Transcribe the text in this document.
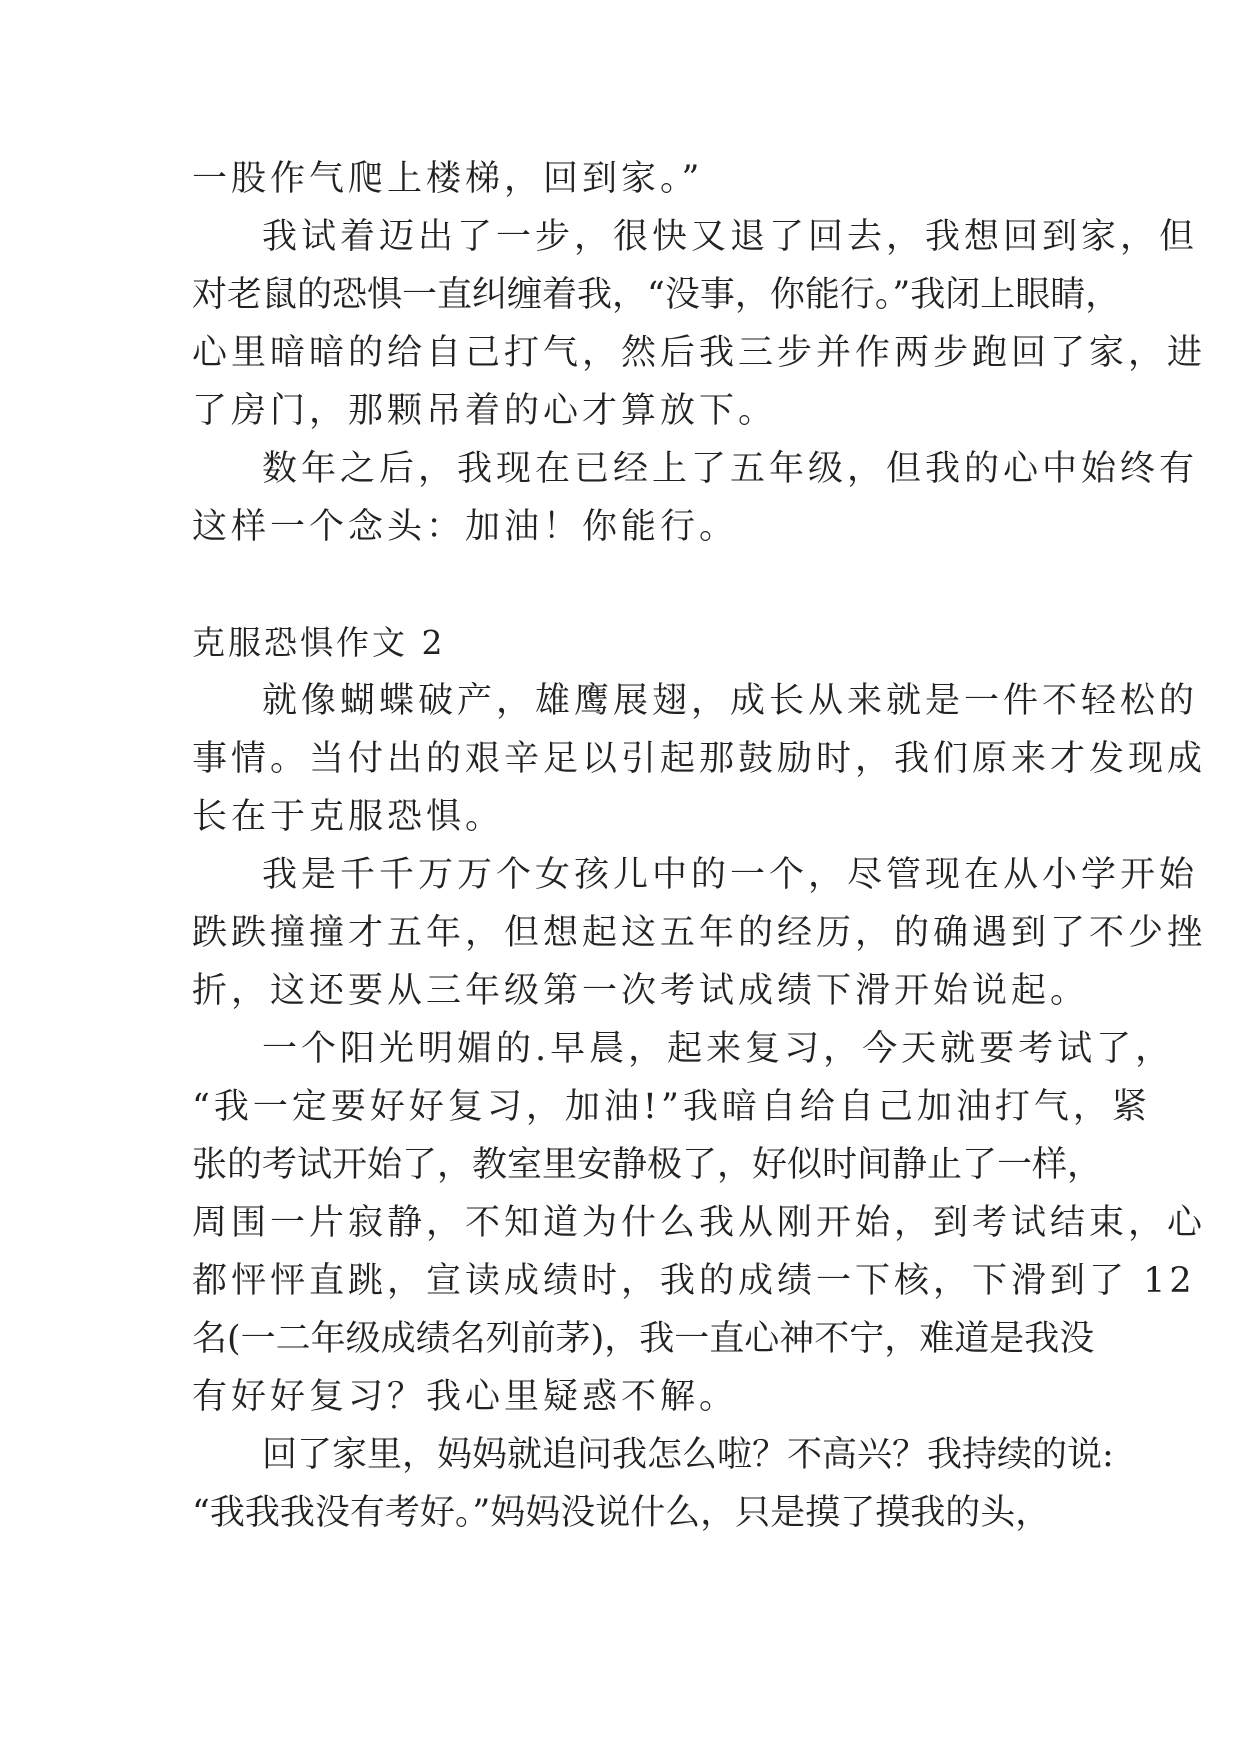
一股作气爬上楼梯，回到家。”
我试着迈出了一步，很快又退了回去，我想回到家，但
对老鼠的恐惧一直纠缠着我，“没事，你能行。”我闭上眼睛，
心里暗暗的给自己打气，然后我三步并作两步跑回了家，进
了房门，那颗吊着的心才算放下。
数年之后，我现在已经上了五年级，但我的心中始终有
这样一个念头：加油！你能行。
克服恐惧作文 2
就像蝴蝶破产，雄鹰展翅，成长从来就是一件不轻松的
事情。当付出的艰辛足以引起那鼓励时，我们原来才发现成
长在于克服恐惧。
我是千千万万个女孩儿中的一个，尽管现在从小学开始
跌跌撞撞才五年，但想起这五年的经历，的确遇到了不少挫
折，这还要从三年级第一次考试成绩下滑开始说起。
一个阳光明媚的.早晨，起来复习，今天就要考试了，
“我一定要好好复习，加油!”我暗自给自己加油打气，紧
张的考试开始了，教室里安静极了，好似时间静止了一样，
周围一片寂静，不知道为什么我从刚开始，到考试结束，心
都怦怦直跳，宣读成绩时，我的成绩一下核，下滑到了 12
名(一二年级成绩名列前茅)，我一直心神不宁，难道是我没
有好好复习？我心里疑惑不解。
回了家里，妈妈就追问我怎么啦？不高兴？我持续的说:
“我我我没有考好。”妈妈没说什么，只是摸了摸我的头，
